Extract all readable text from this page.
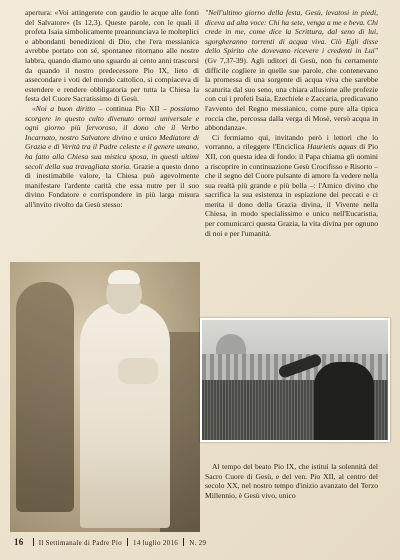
apertura: «Voi attingerete con gaudio le acque alle fonti del Salvatore» (Is 12,3). Queste parole, con le quali il profeta Isaia simbolicamente preannunciava le molteplici e abbondanti benedizioni di Dio, che l'era messianica avrebbe portato con sé, spontanee ritornano alle nostre labbra, quando diamo uno sguardo ai cento anni trascorsi da quando il nostro predecessore Pio IX, lieto di assecondare i voti del mondo cattolico, si compiaceva di estendere e rendere obbligatoria per tutta la Chiesa la festa del Cuore Sacratissimo di Gesù.

«Noi a buon diritto – continua Pio XII – possiamo scorgere in questo culto divenuto ormai universale e ogni giorno più fervoroso, il dono che il Verbo Incarnato, nostro Salvatore divino e unico Mediatore di Grazia e di Verità tra il Padre celeste e il genere umano, ha fatto alla Chiesa sua mistica sposa, in questi ultimi secoli della sua travagliata storia. Grazie a questo dono di inestimabile valore, la Chiesa può agevolmente manifestare l'ardente carità che essa nutre per il suo divino Fondatore e corrispondere in più larga misura all'invito rivolto da Gesù stesso:

"Nell'ultimo giorno della festa, Gesù, levatosi in piedi, diceva ad alta voce: Chi ha sete, venga a me e beva. Chi crede in me, come dice la Scrittura, dal seno di lui, sgorgheranno torrenti di acqua viva. Ciò Egli disse dello Spirito che dovevano ricevere i credenti in Lui" (Gv 7,37-39). Agli uditori di Gesù, non fu certamente difficile cogliere in quelle sue parole, che contenevano la promessa di una sorgente di acqua viva che sarebbe scaturita dal suo seno, una chiara allusione alle profezie con cui i profeti Isaia, Ezechiele e Zaccaria, predicavano l'avvento del Regno messianico, come pure alla tipica roccia che, percossa dalla verga di Mosè, versò acqua in abbondanza».

Ci fermiamo qui, invitando però i lettori che lo vorranno, a rileggere l'Enciclica Haurietis aquas di Pio XII, con questa idea di fondo: il Papa chiama gli uomini a riscoprire in continuazione Gesù Crocifisso e Risorto – che il segno del Cuore pulsante di amore fa vedere nella sua realtà più grande e più bella –: l'Amico divino che sacrifica la sua esistenza in espiazione dei peccati e ci merita il dono della Grazia divina, il Vivente nella Chiesa, in modo specialissimo e unico nell'Eucaristia, per comunicarci questa Grazia, la vita divina per ognuno di noi e per l'umanità.

Al tempo del beato Pio IX, che istituì la solennità del Sacro Cuore di Gesù, e del ven. Pio XII, al centro del secolo XX, nel nostro tempo d'inizio avanzato del Terzo Millennio, è Gesù vivo, unico

16 Il Settimanale di Padre Pio 14 luglio 2016 N. 29
